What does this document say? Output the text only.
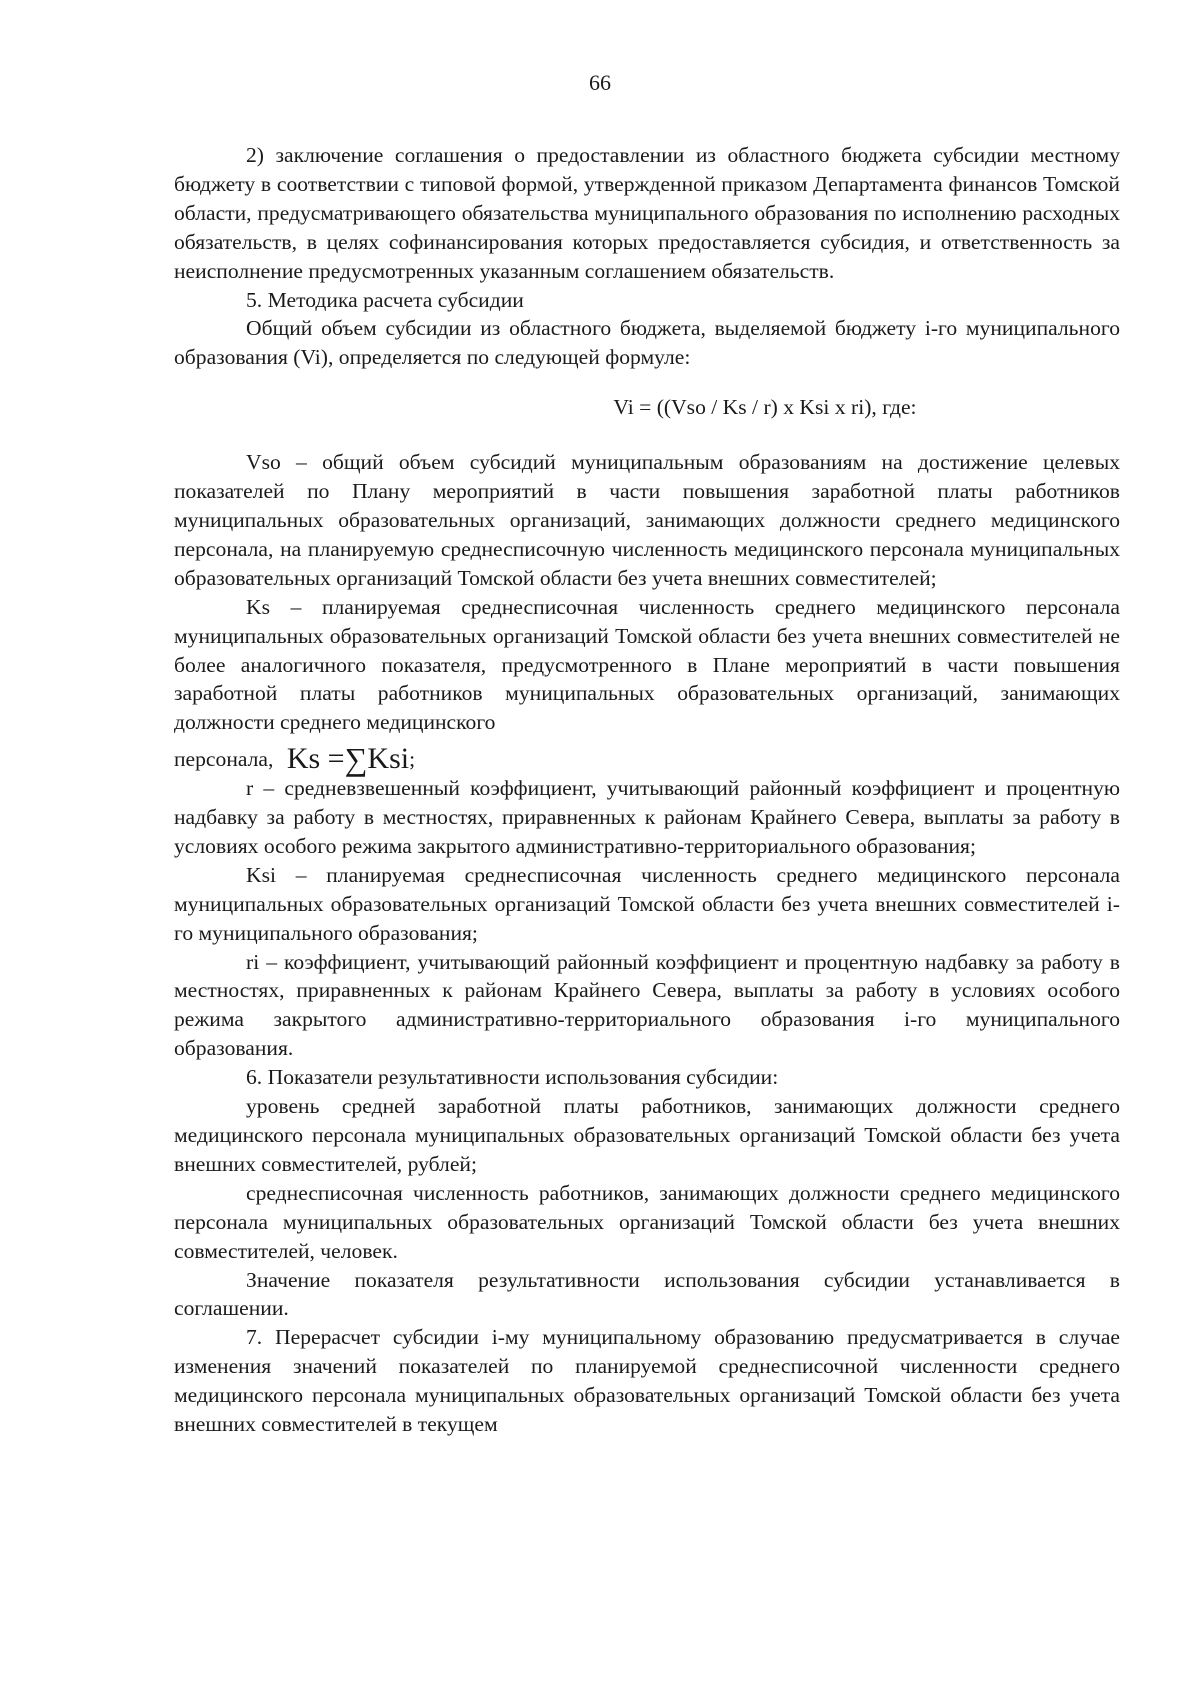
66

2) заключение соглашения о предоставлении из областного бюджета субсидии местному бюджету в соответствии с типовой формой, утвержденной приказом Департамента финансов Томской области, предусматривающего обязательства муниципального образования по исполнению расходных обязательств, в целях софинансирования которых предоставляется субсидия, и ответственность за неисполнение предусмотренных указанным соглашением обязательств.

5. Методика расчета субсидии

Общий объем субсидии из областного бюджета, выделяемой бюджету i-го муниципального образования (Vi), определяется по следующей формуле:

Vi = ((Vso / Ks / r) x Ksi x ri), где:

Vso – общий объем субсидий муниципальным образованиям на достижение целевых показателей по Плану мероприятий в части повышения заработной платы работников муниципальных образовательных организаций, занимающих должности среднего медицинского персонала, на планируемую среднесписочную численность медицинского персонала муниципальных образовательных организаций Томской области без учета внешних совместителей;

Ks – планируемая среднесписочная численность среднего медицинского персонала муниципальных образовательных организаций Томской области без учета внешних совместителей не более аналогичного показателя, предусмотренного в Плане мероприятий в части повышения заработной платы работников муниципальных образовательных организаций, занимающих должности среднего медицинского

персонала, Ks =∑Ksi;

r – средневзвешенный коэффициент, учитывающий районный коэффициент и процентную надбавку за работу в местностях, приравненных к районам Крайнего Севера, выплаты за работу в условиях особого режима закрытого административно-территориального образования;

Ksi – планируемая среднесписочная численность среднего медицинского персонала муниципальных образовательных организаций Томской области без учета внешних совместителей i-го муниципального образования;

ri – коэффициент, учитывающий районный коэффициент и процентную надбавку за работу в местностях, приравненных к районам Крайнего Севера, выплаты за работу в условиях особого режима закрытого административно-территориального образования i-го муниципального образования.

6. Показатели результативности использования субсидии:

уровень средней заработной платы работников, занимающих должности среднего медицинского персонала муниципальных образовательных организаций Томской области без учета внешних совместителей, рублей;

среднесписочная численность работников, занимающих должности среднего медицинского персонала муниципальных образовательных организаций Томской области без учета внешних совместителей, человек.

Значение показателя результативности использования субсидии устанавливается в соглашении.

7. Перерасчет субсидии i-му муниципальному образованию предусматривается в случае изменения значений показателей по планируемой среднесписочной численности среднего медицинского персонала муниципальных образовательных организаций Томской области без учета внешних совместителей в текущем
